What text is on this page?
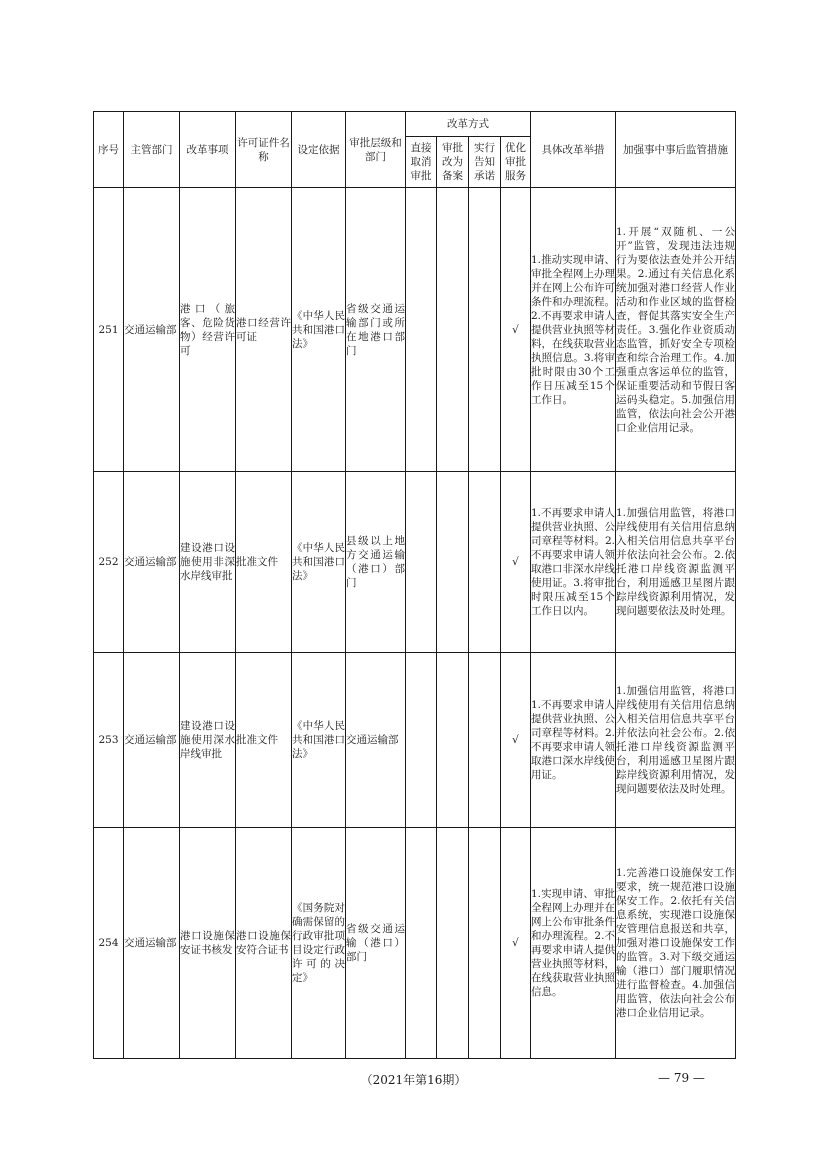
序号	主管部门	改革事项	许可证件名称	设定依据	审批层级和部门	改革方式				具体改革举措	加强事中事后监管措施
						直接取消审批	审批改为备案	实行告知承诺	优化审批服务		
251	交通运输部	港口（旅客、危险货物）经营许可	港口经营许可证	《中华人民共和国港口法》	省级交通运输部门或所在地港口部门				√	1.推动实现申请、审批全程网上办理并在网上公布许可条件和办理流程。2.不再要求申请人提供营业执照等材料，在线获取营业执照信息。3.将审批时限由30个工作日压减至15个工作日。	1.开展“双随机、一公开”监管，发现违法违规行为要依法查处并公开结果。2.通过有关信息化系统加强对港口经营人作业活动和作业区域的监督检查，督促其落实安全生产责任。3.强化作业资质动态监管，抓好安全专项检查和综合治理工作。4.加强重点客运单位的监管，保证重要活动和节假日客运码头稳定。5.加强信用监管，依法向社会公开港口企业信用记录。
252	交通运输部	建设港口设施使用非深水岸线审批	批准文件	《中华人民共和国港口法》	县级以上地方交通运输（港口）部门				√	1.不再要求申请人提供营业执照、公司章程等材料。2.不再要求申请人领取港口非深水岸线使用证。3.将审批时限压减至15个工作日以内。	1.加强信用监管，将港口岸线使用有关信用信息纳入相关信用信息共享平台并依法向社会公布。2.依托港口岸线资源监测平台，利用遥感卫星图片跟踪岸线资源利用情况，发现问题要依法及时处理。
253	交通运输部	建设港口设施使用深水岸线审批	批准文件	《中华人民共和国港口法》	交通运输部				√	1.不再要求申请人提供营业执照、公司章程等材料。2.不再要求申请人领取港口深水岸线使用证。	1.加强信用监管，将港口岸线使用有关信用信息纳入相关信用信息共享平台并依法向社会公布。2.依托港口岸线资源监测平台，利用遥感卫星图片跟踪岸线资源利用情况，发现问题要依法及时处理。
254	交通运输部	港口设施保安证书核发	港口设施保安符合证书	《国务院对确需保留的行政审批项目设定行政许可的决定》	省级交通运输（港口）部门				√	1.实现申请、审批全程网上办理并在网上公布审批条件和办理流程。2.不再要求申请人提供营业执照等材料，在线获取营业执照信息。	1.完善港口设施保安工作要求，统一规范港口设施保安工作。2.依托有关信息系统，实现港口设施保安管理信息报送和共享，加强对港口设施保安工作的监管。3.对下级交通运输（港口）部门履职情况进行监督检查。4.加强信用监管，依法向社会公布港口企业信用记录。
（2021年第16期）	— 79 —
